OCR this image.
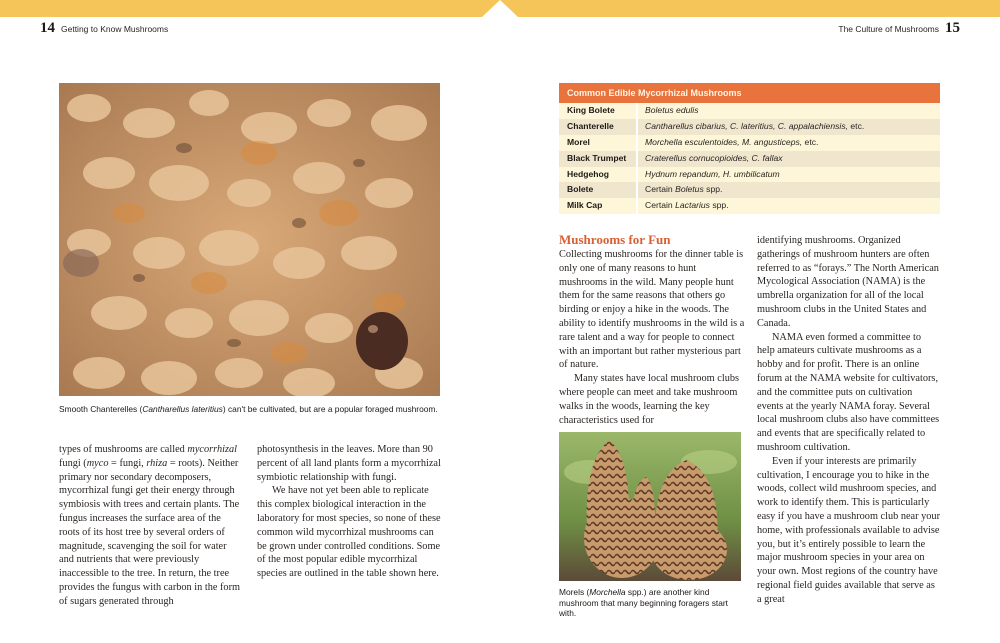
14 Getting to Know Mushrooms	The Culture of Mushrooms 15
Smooth Chanterelles (Cantharellus lateritius) can't be cultivated, but are a popular foraged mushroom.

types of mushrooms are called mycorrhizal fungi (myco = fungi, rhiza = roots). Neither primary nor secondary decomposers, mycorrhizal fungi get their energy through symbiosis with trees and certain plants. The fungus increases the surface area of the roots of its host tree by several orders of magnitude, scavenging the soil for water and nutrients that were previously inaccessible to the tree. In return, the tree provides the fungus with carbon in the form of sugars generated through

photosynthesis in the leaves. More than 90 percent of all land plants form a mycorrhizal symbiotic relationship with fungi.

We have not yet been able to replicate this complex biological interaction in the laboratory for most species, so none of these common wild mycorrhizal mushrooms can be grown under controlled conditions. Some of the most popular edible mycorrhizal species are outlined in the table shown here.

Common Edible Mycorrhizal Mushrooms
King Bolete	Boletus edulis
Chanterelle	Cantharellus cibarius, C. lateritius, C. appalachiensis, etc.
Morel	Morchella esculentoides, M. angusticeps, etc.
Black Trumpet	Craterellus cornucopioides, C. fallax
Hedgehog	Hydnum repandum, H. umbilicatum
Bolete	Certain Boletus spp.
Milk Cap	Certain Lactarius spp.
Mushrooms for Fun

Collecting mushrooms for the dinner table is only one of many reasons to hunt mushrooms in the wild. Many people hunt them for the same reasons that others go birding or enjoy a hike in the woods. The ability to identify mushrooms in the wild is a rare talent and a way for people to connect with an important but rather mysterious part of nature.

Many states have local mushroom clubs where people can meet and take mushroom walks in the woods, learning the key characteristics used for

Morels (Morchella spp.) are another kind mushroom that many beginning foragers start with.

identifying mushrooms. Organized gatherings of mushroom hunters are often referred to as “forays.” The North American Mycological Association (NAMA) is the umbrella organization for all of the local mushroom clubs in the United States and Canada.

NAMA even formed a committee to help amateurs cultivate mushrooms as a hobby and for profit. There is an online forum at the NAMA website for cultivators, and the committee puts on cultivation events at the yearly NAMA foray. Several local mushroom clubs also have committees and events that are specifically related to mushroom cultivation.

Even if your interests are primarily cultivation, I encourage you to hike in the woods, collect wild mushroom species, and work to identify them. This is particularly easy if you have a mushroom club near your home, with professionals available to advise you, but it’s entirely possible to learn the major mushroom species in your area on your own. Most regions of the country have regional field guides available that serve as a great
